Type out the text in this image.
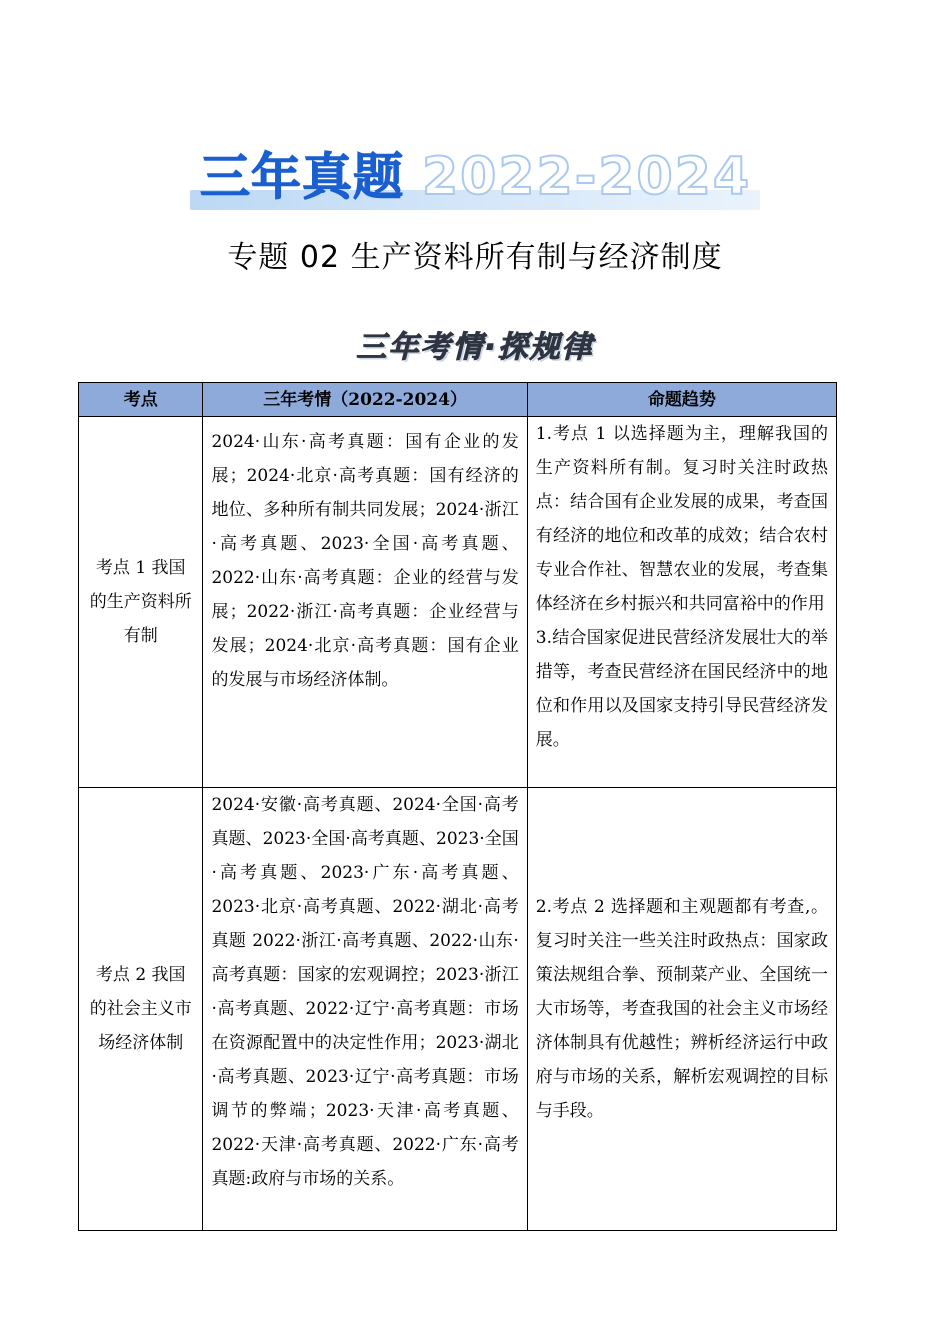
三年真题 2022-2024
专题 02 生产资料所有制与经济制度
三年考情·探规律
考点	三年考情（2022-2024）	命题趋势
考点 1 我国的生产资料所有制	2024·山东·高考真题：国有企业的发展；2024·北京·高考真题：国有经济的地位、多种所有制共同发展；2024·浙江·高考真题、2023·全国·高考真题、2022·山东·高考真题：企业的经营与发展；2022·浙江·高考真题：企业经营与发展；2024·北京·高考真题：国有企业的发展与市场经济体制。	1.考点 1 以选择题为主，理解我国的生产资料所有制。复习时关注时政热点：结合国有企业发展的成果，考查国有经济的地位和改革的成效；结合农村专业合作社、智慧农业的发展，考查集体经济在乡村振兴和共同富裕中的作用
3.结合国家促进民营经济发展壮大的举措等，考查民营经济在国民经济中的地位和作用以及国家支持引导民营经济发展。

考点 2 我国的社会主义市场经济体制	2024·安徽·高考真题、2024·全国·高考真题、2023·全国·高考真题、2023·全国·高考真题、2023·广东·高考真题、2023·北京·高考真题、2022·湖北·高考真题 2022·浙江·高考真题、2022·山东·高考真题：国家的宏观调控；2023·浙江·高考真题、2022·辽宁·高考真题：市场在资源配置中的决定性作用；2023·湖北·高考真题、2023·辽宁·高考真题：市场调节的弊端；2023·天津·高考真题、2022·天津·高考真题、2022·广东·高考真题:政府与市场的关系。	2.考点 2 选择题和主观题都有考查,。复习时关注一些关注时政热点：国家政策法规组合拳、预制菜产业、全国统一大市场等，考查我国的社会主义市场经济体制具有优越性；辨析经济运行中政府与市场的关系，解析宏观调控的目标与手段。
